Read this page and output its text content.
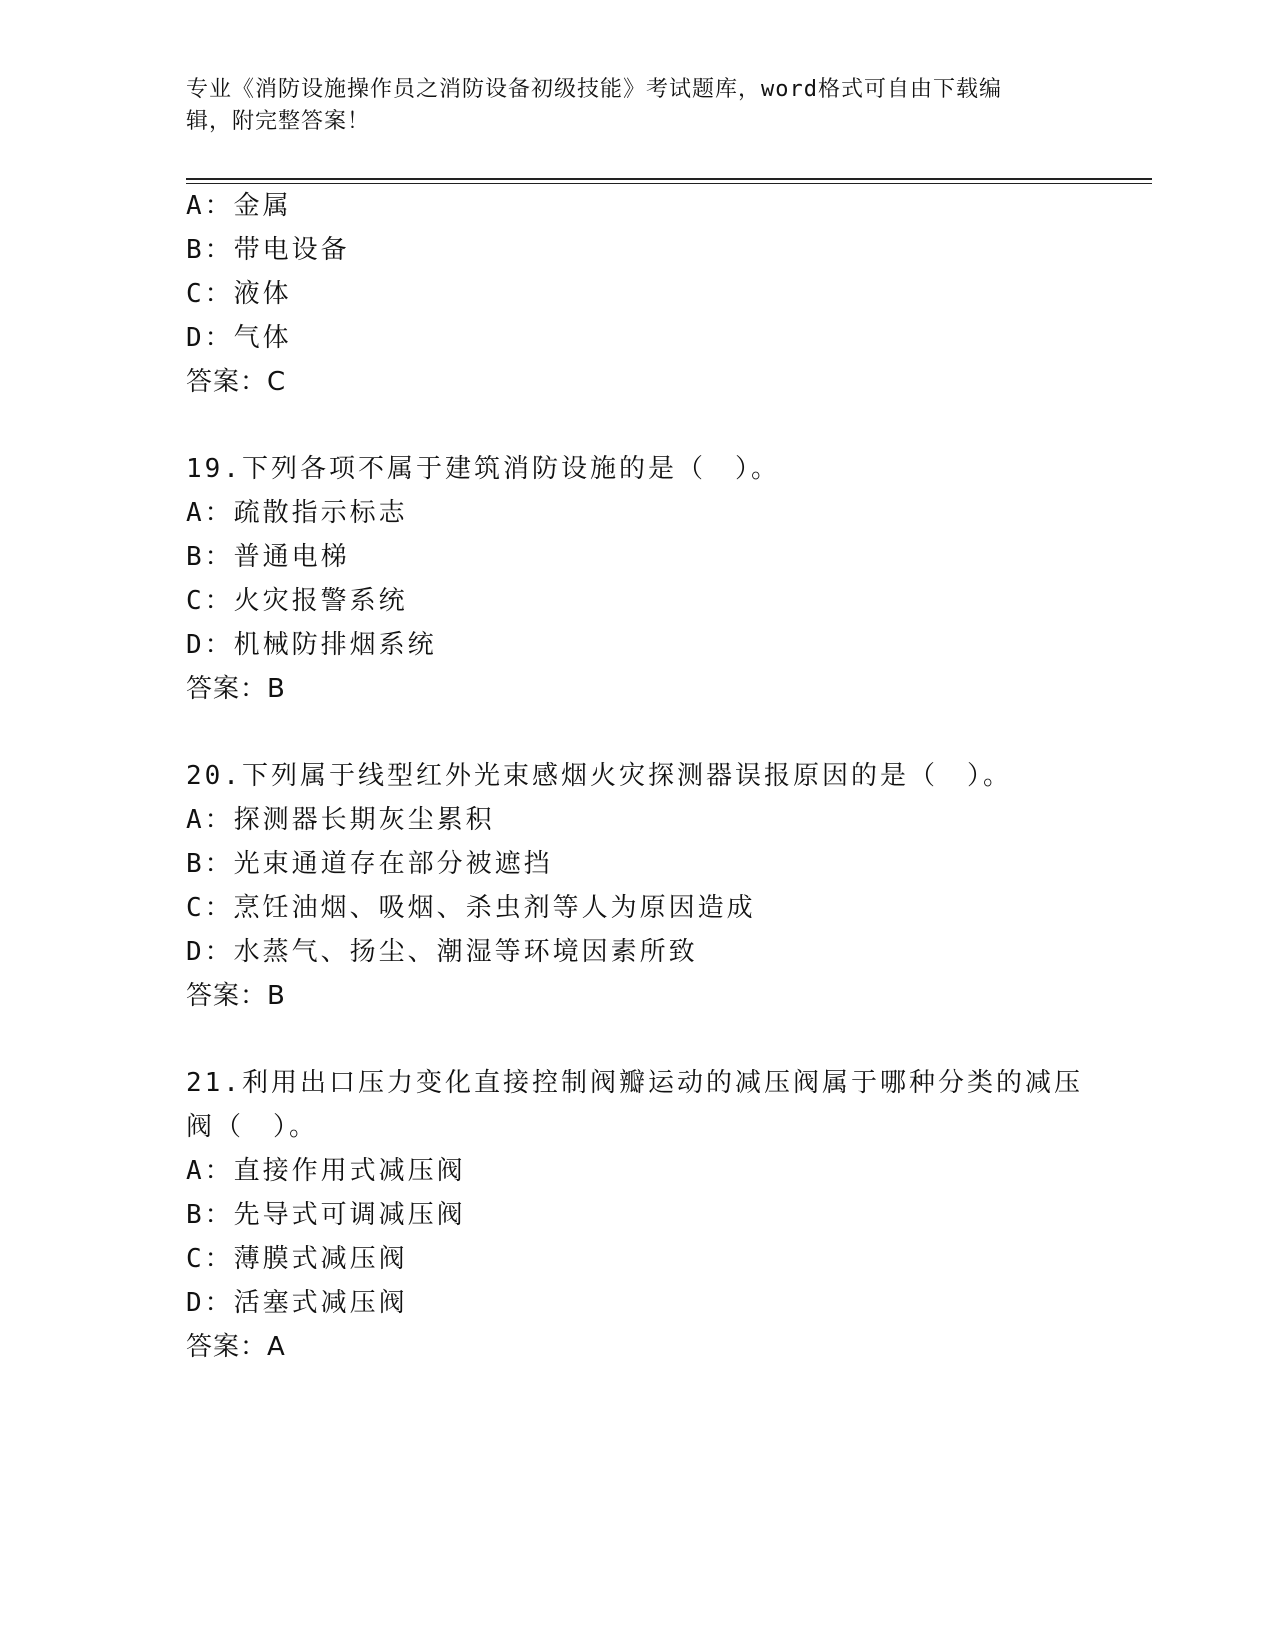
专业《消防设施操作员之消防设备初级技能》考试题库，word格式可自由下载编
辑，附完整答案！
A：金属
B：带电设备
C：液体
D：气体
答案：C
19.下列各项不属于建筑消防设施的是（　）。
A：疏散指示标志
B：普通电梯
C：火灾报警系统
D：机械防排烟系统
答案：B
20.下列属于线型红外光束感烟火灾探测器误报原因的是（　）。
A：探测器长期灰尘累积
B：光束通道存在部分被遮挡
C：烹饪油烟、吸烟、杀虫剂等人为原因造成
D：水蒸气、扬尘、潮湿等环境因素所致
答案：B
21.利用出口压力变化直接控制阀瓣运动的减压阀属于哪种分类的减压
阀（　）。
A：直接作用式减压阀
B：先导式可调减压阀
C：薄膜式减压阀
D：活塞式减压阀
答案：A
